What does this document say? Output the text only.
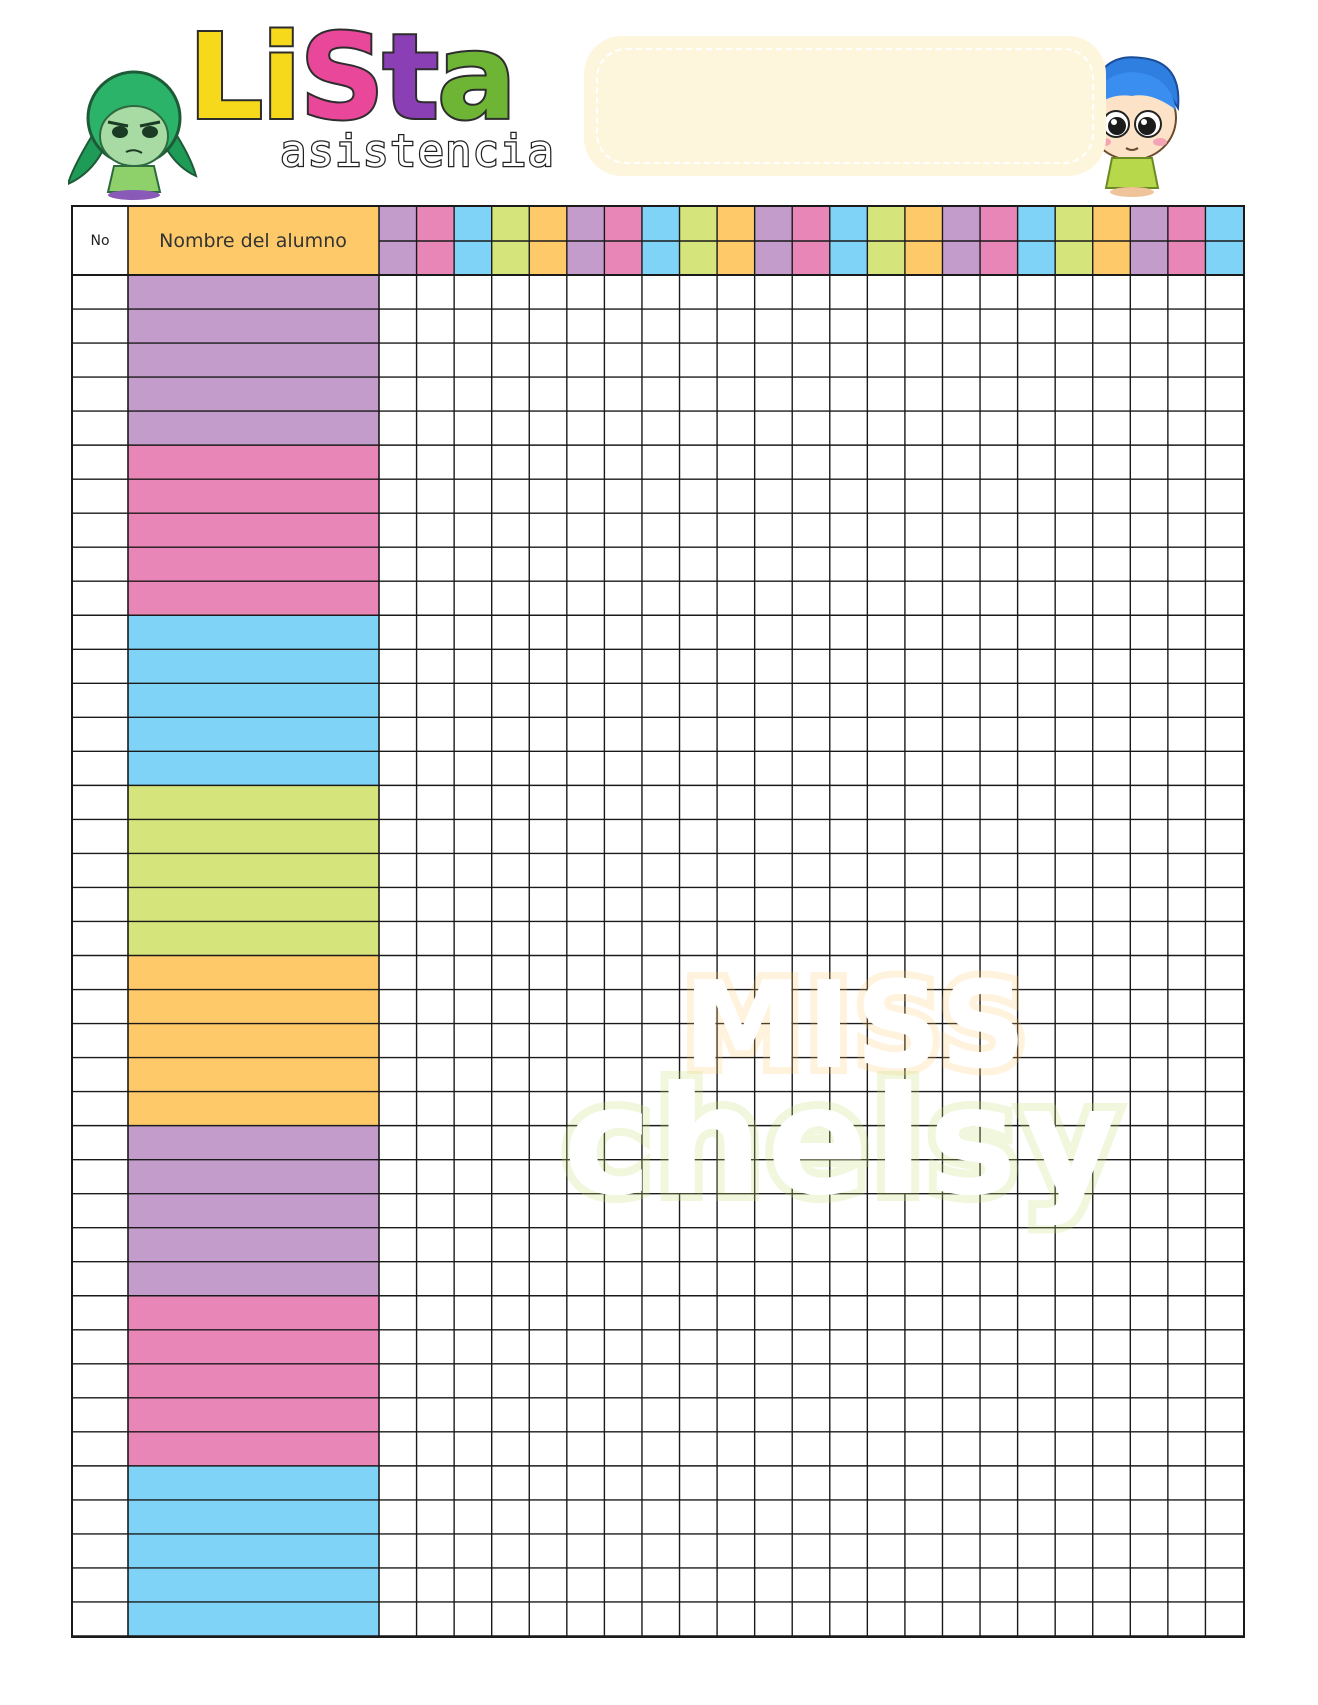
LiSta
asistencia
No	Nombre del alumno
MISS
chelsy
